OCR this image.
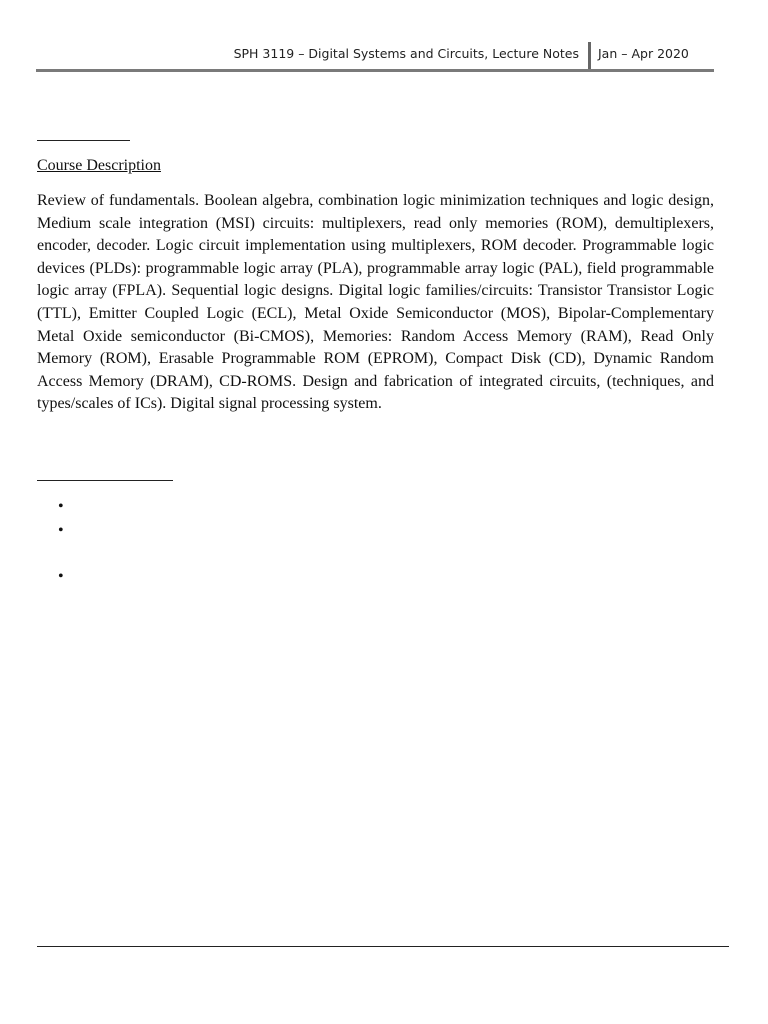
SPH 3119 – Digital Systems and Circuits, Lecture Notes Jan – Apr 2020
Course Description

Review of fundamentals. Boolean algebra, combination logic minimization techniques and logic design, Medium scale integration (MSI) circuits: multiplexers, read only memories (ROM), demultiplexers, encoder, decoder. Logic circuit implementation using multiplexers, ROM decoder. Programmable logic devices (PLDs): programmable logic array (PLA), programmable array logic (PAL), field programmable logic array (FPLA). Sequential logic designs. Digital logic families/circuits: Transistor Transistor Logic (TTL), Emitter Coupled Logic (ECL), Metal Oxide Semiconductor (MOS), Bipolar-Complementary Metal Oxide semiconductor (Bi-CMOS), Memories: Random Access Memory (RAM), Read Only Memory (ROM), Erasable Programmable ROM (EPROM), Compact Disk (CD), Dynamic Random Access Memory (DRAM), CD-ROMS. Design and fabrication of integrated circuits, (techniques, and types/scales of ICs). Digital signal processing system.

•
•
•
